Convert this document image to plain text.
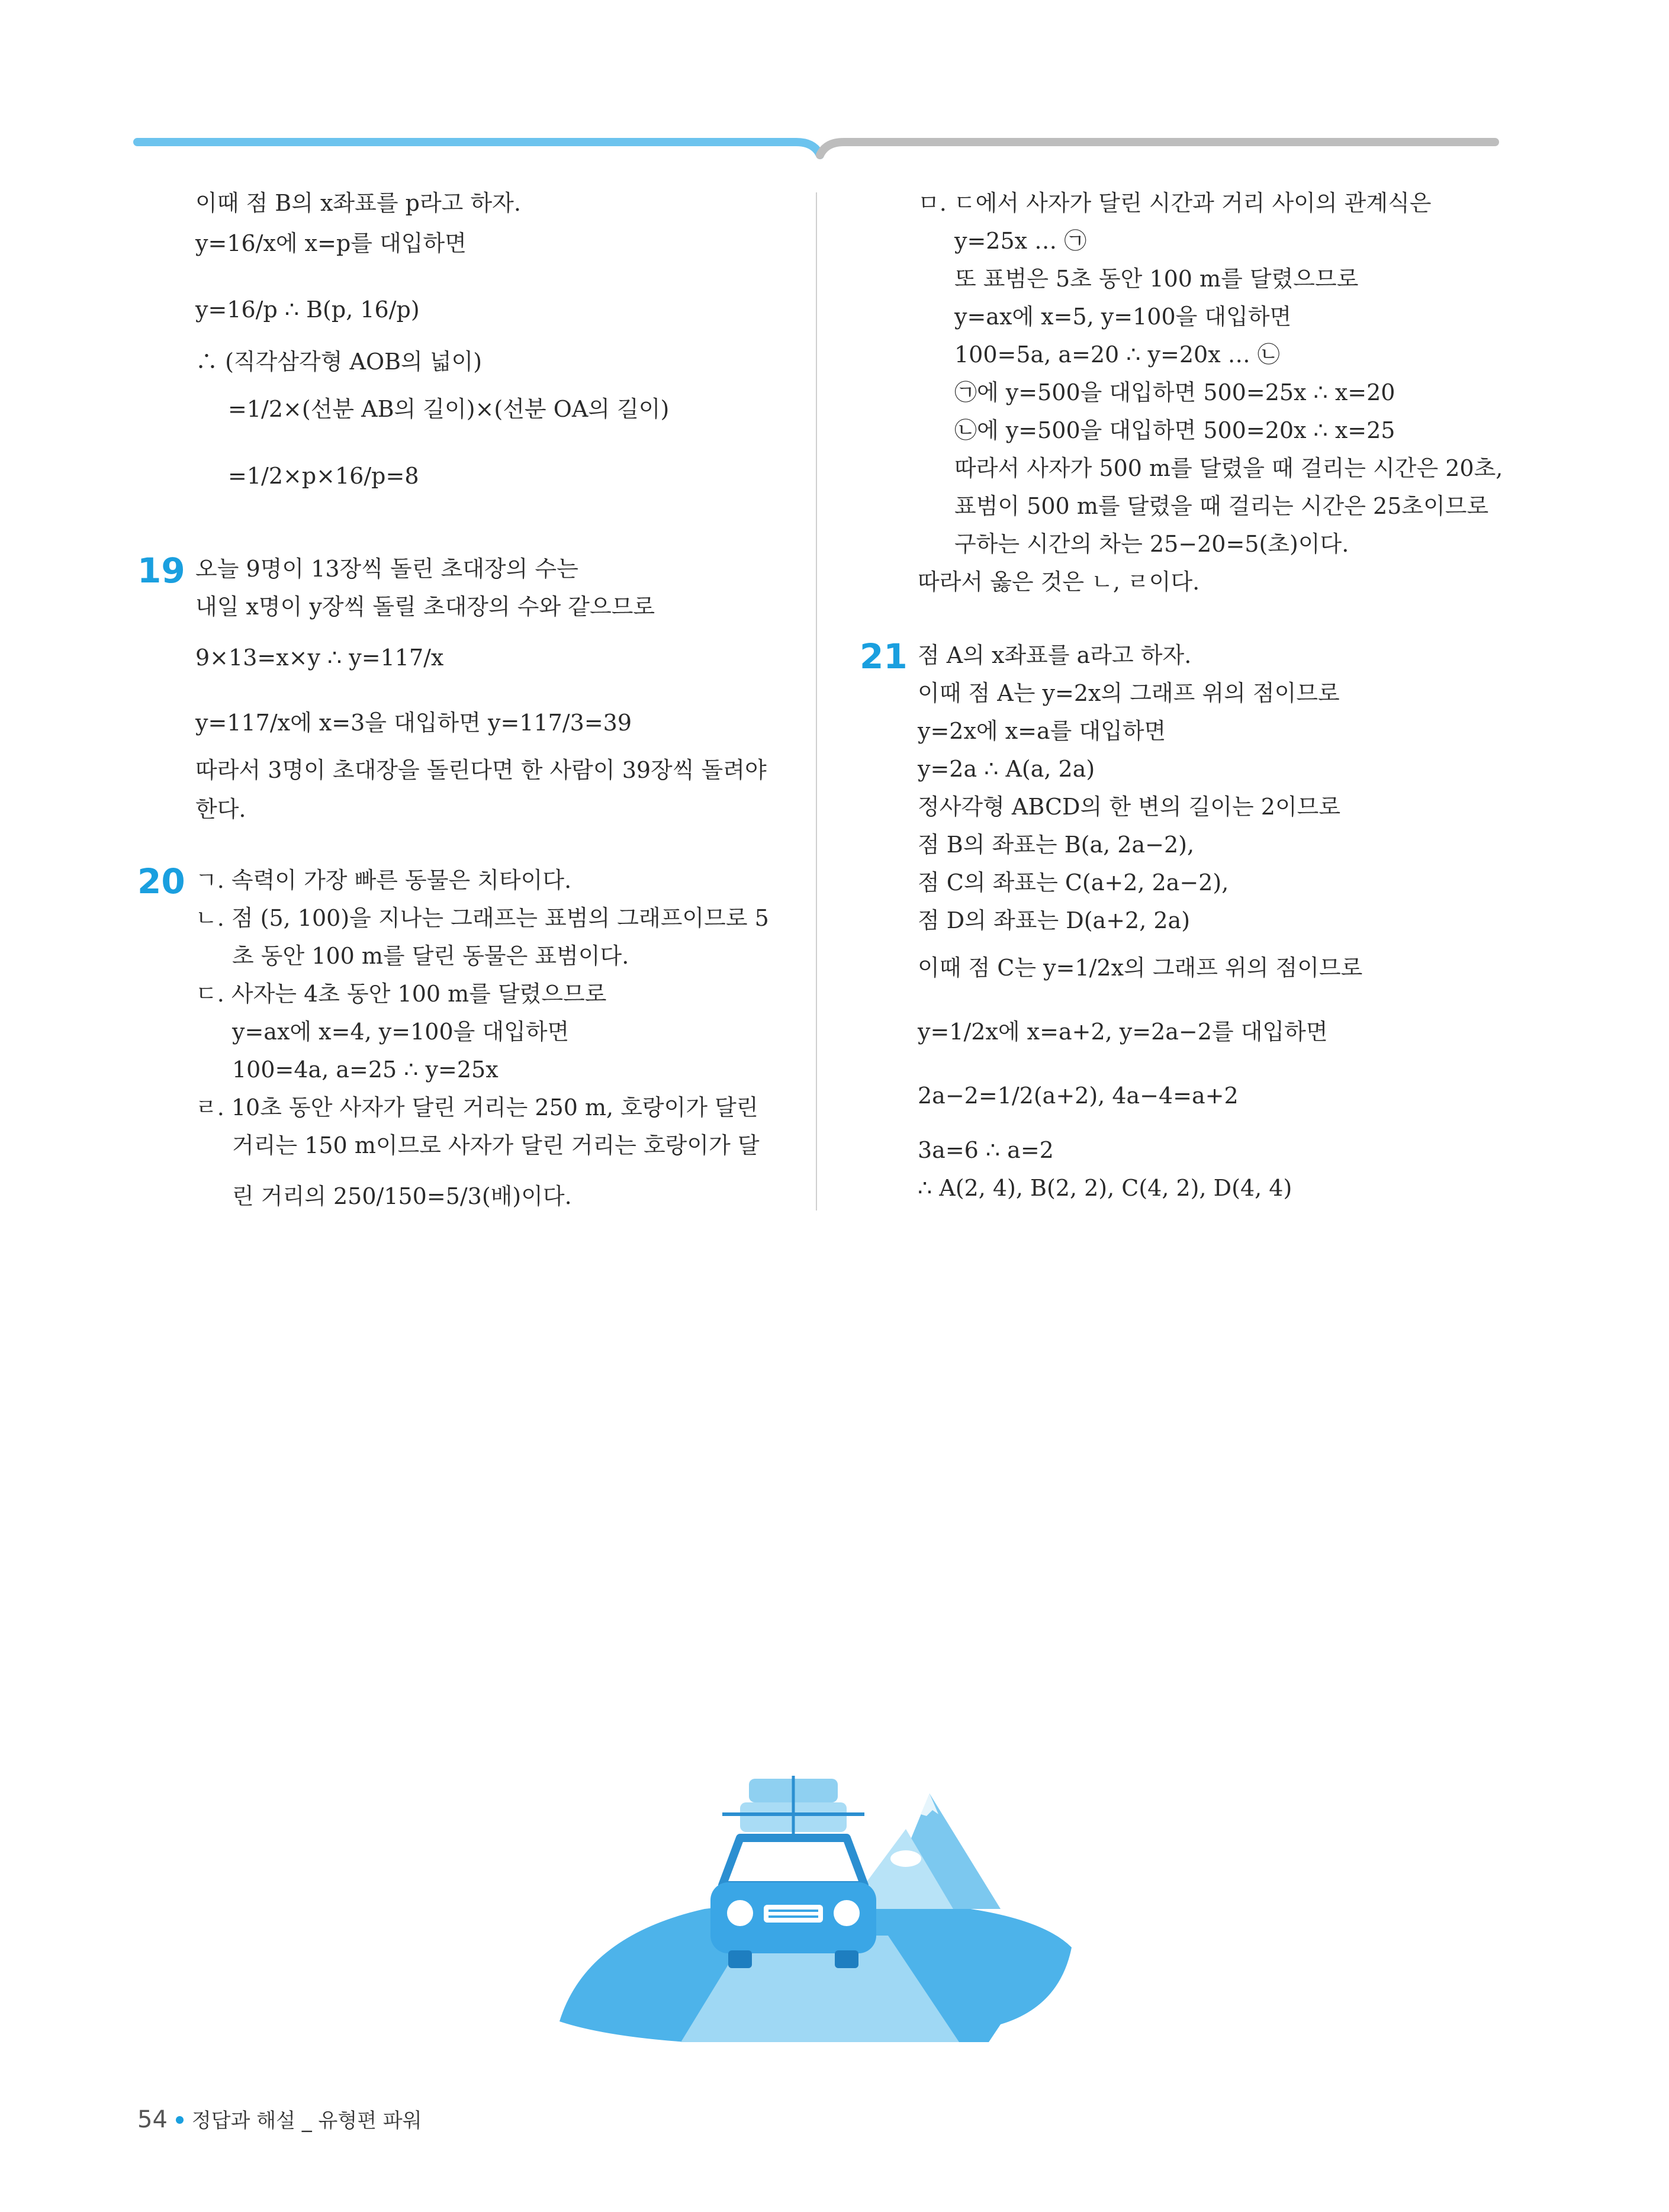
이때 점 B의 x좌표를 p라고 하자.
y=16/x에 x=p를 대입하면
y=16/p ∴ B(p, 16/p)
∴ (직각삼각형 AOB의 넓이)
=1/2×(선분 AB의 길이)×(선분 OA의 길이)
=1/2×p×16/p=8
19 오늘 9명이 13장씩 돌린 초대장의 수는
내일 x명이 y장씩 돌릴 초대장의 수와 같으므로
9×13=x×y ∴ y=117/x
y=117/x에 x=3을 대입하면 y=117/3=39
따라서 3명이 초대장을 돌린다면 한 사람이 39장씩 돌려야
한다.
20 ㄱ. 속력이 가장 빠른 동물은 치타이다.
ㄴ. 점 (5, 100)을 지나는 그래프는 표범의 그래프이므로 5
초 동안 100 m를 달린 동물은 표범이다.
ㄷ. 사자는 4초 동안 100 m를 달렸으므로
y=ax에 x=4, y=100을 대입하면
100=4a, a=25 ∴ y=25x
ㄹ. 10초 동안 사자가 달린 거리는 250 m, 호랑이가 달린
거리는 150 m이므로 사자가 달린 거리는 호랑이가 달
린 거리의 250/150=5/3(배)이다.
ㅁ. ㄷ에서 사자가 달린 시간과 거리 사이의 관계식은
y=25x … ㉠
또 표범은 5초 동안 100 m를 달렸으므로
y=ax에 x=5, y=100을 대입하면
100=5a, a=20 ∴ y=20x … ㉡
㉠에 y=500을 대입하면 500=25x ∴ x=20
㉡에 y=500을 대입하면 500=20x ∴ x=25
따라서 사자가 500 m를 달렸을 때 걸리는 시간은 20초,
표범이 500 m를 달렸을 때 걸리는 시간은 25초이므로
구하는 시간의 차는 25−20=5(초)이다.
따라서 옳은 것은 ㄴ, ㄹ이다.
21 점 A의 x좌표를 a라고 하자.
이때 점 A는 y=2x의 그래프 위의 점이므로
y=2x에 x=a를 대입하면
y=2a ∴ A(a, 2a)
정사각형 ABCD의 한 변의 길이는 2이므로
점 B의 좌표는 B(a, 2a−2),
점 C의 좌표는 C(a+2, 2a−2),
점 D의 좌표는 D(a+2, 2a)
이때 점 C는 y=1/2x의 그래프 위의 점이므로
y=1/2x에 x=a+2, y=2a−2를 대입하면
2a−2=1/2(a+2), 4a−4=a+2
3a=6 ∴ a=2
∴ A(2, 4), B(2, 2), C(4, 2), D(4, 4)
+ +
+
54 정답과 해설 _ 유형편 파워
